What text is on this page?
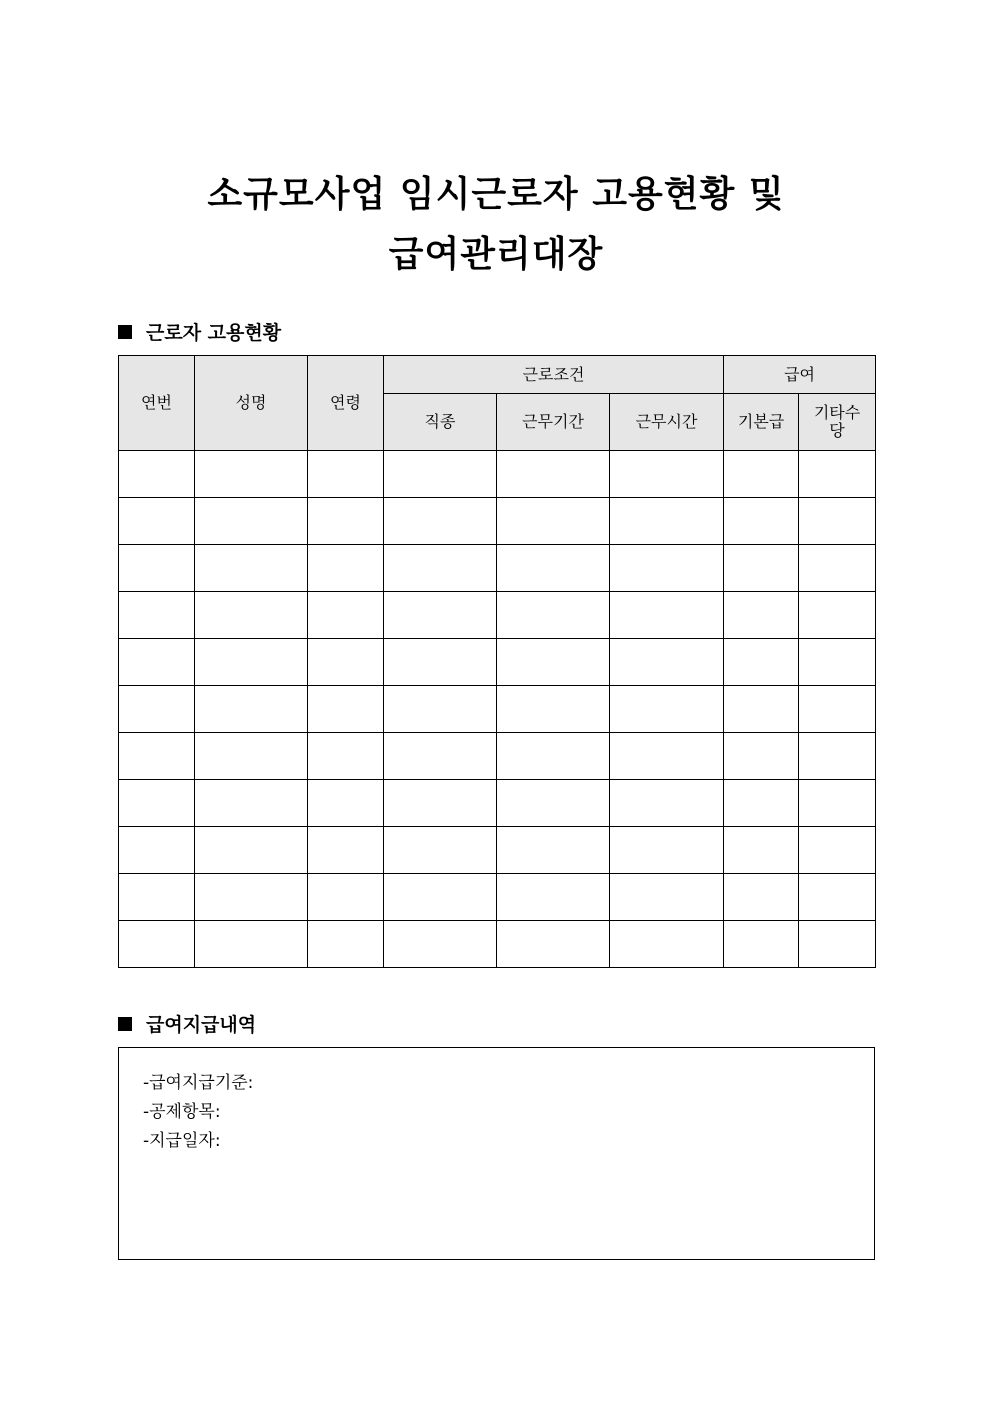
소규모사업 임시근로자 고용현황 및
급여관리대장
근로자 고용현황
연번	성명	연령	근로조건			급여	
			직종	근무기간	근무시간	기본급	기타수당

급여지급내역
-급여지급기준:
-공제항목:
-지급일자:
